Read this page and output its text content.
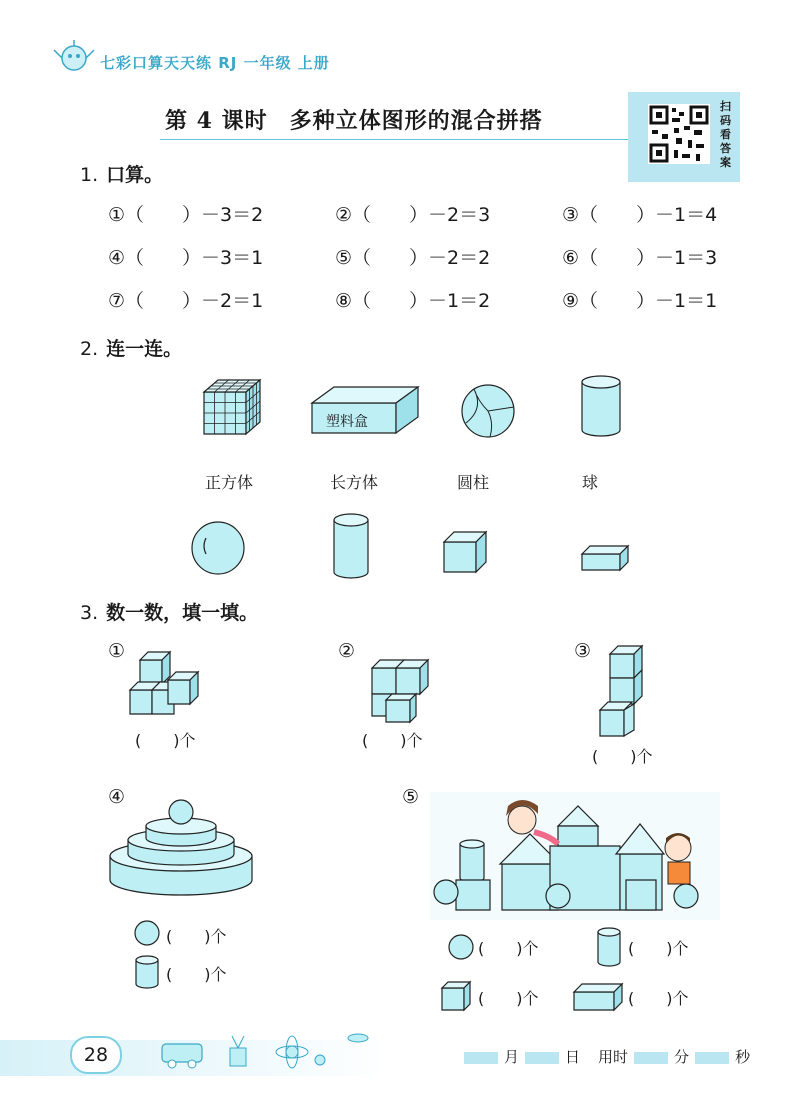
七彩口算天天练 RJ 一年级 上册
第 4 课时 多种立体图形的混合拼搭
扫
码
看
答
案
1. 口算。
①（　　）－3＝2	②（　　）－2＝3	③（　　）－1＝4
④（　　）－3＝1	⑤（　　）－2＝2	⑥（　　）－1＝3
⑦（　　）－2＝1	⑧（　　）－1＝2	⑨（　　）－1＝1
2. 连一连。
塑料盒
正方体	长方体	圆柱	球
3. 数一数，填一填。
①
(　　)个
②
(　　)个
③
(　　)个
④
(　　)个
(　　)个
⑤
(　　)个	(　　)个
(　　)个	(　　)个
28	月	日 用时	分	秒
